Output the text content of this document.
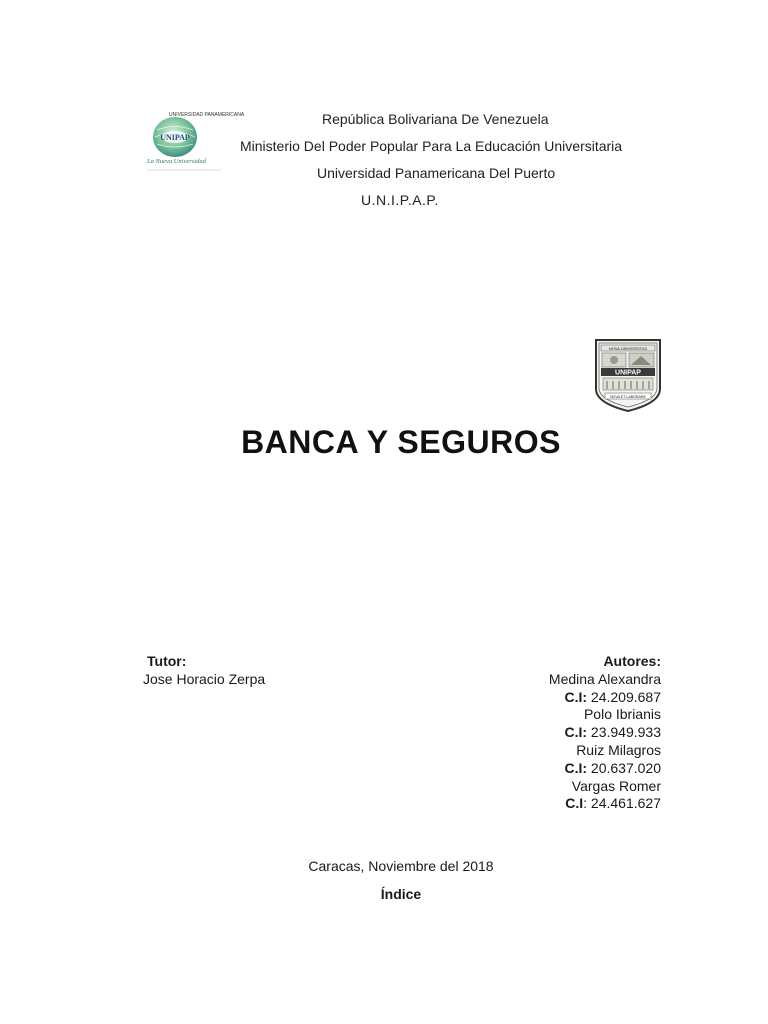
UNIVERSIDAD PANAMERICANA
UNIPAP
La Nueva Universidad
República Bolivariana De Venezuela
Ministerio Del Poder Popular Para La Educación Universitaria
Universidad Panamericana Del Puerto
U.N.I.P.A.P.
NOVA UNIVERSITAS
UNIPAP
NOVA ET LABORARE
BANCA Y SEGUROS
Tutor:
Jose Horacio Zerpa
Autores:
Medina Alexandra
C.I: 24.209.687
Polo Ibrianis
C.I: 23.949.933
Ruiz Milagros
C.I: 20.637.020
Vargas Romer
C.I: 24.461.627
Caracas, Noviembre del 2018
Índice
